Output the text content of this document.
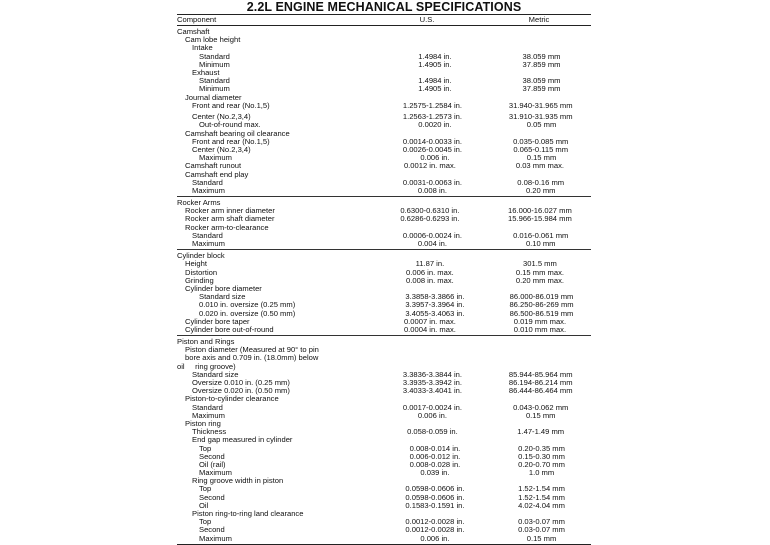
2.2L ENGINE MECHANICAL SPECIFICATIONS
Component	U.S.	Metric
Camshaft
Cam lobe height
Intake
Standard	1.4984 in.	38.059 mm
Minimum	1.4905 in.	37.859 mm
Exhaust
Standard	1.4984 in.	38.059 mm
Minimum	1.4905 in.	37.859 mm
Journal diameter
Front and rear (No.1,5)	1.2575-1.2584 in.	31.940-31.965 mm
Center (No.2,3,4)	1.2563-1.2573 in.	31.910-31.935 mm
Out-of-round max.	0.0020 in.	0.05 mm
Camshaft bearing oil clearance
Front and rear (No.1,5)	0.0014-0.0033 in.	0.035-0.085 mm
Center (No.2,3,4)	0.0026-0.0045 in.	0.065-0.115 mm
Maximum	0.006 in.	0.15 mm
Camshaft runout	0.0012 in. max.	0.03 mm max.
Camshaft end play
Standard	0.0031-0.0063 in.	0.08-0.16 mm
Maximum	0.008 in.	0.20 mm
Rocker Arms
Rocker arm inner diameter	0.6300-0.6310 in.	16.000-16.027 mm
Rocker arm shaft diameter	0.6286-0.6293 in.	15.966-15.984 mm
Rocker arm-to-clearance
Standard	0.0006-0.0024 in.	0.016-0.061 mm
Maximum	0.004 in.	0.10 mm
Cylinder block
Height	11.87 in.	301.5 mm
Distortion	0.006 in. max.	0.15 mm max.
Grinding	0.008 in. max.	0.20 mm max.
Cylinder bore diameter
Standard size	3.3858-3.3866 in.	86.000-86.019 mm
0.010 in. oversize (0.25 mm)	3.3957-3.3964 in.	86.250-86-269 mm
0.020 in. oversize (0.50 mm)	3.4055-3.4063 in.	86.500-86.519 mm
Cylinder bore taper	0.0007 in. max.	0.019 mm max.
Cylinder bore out-of-round	0.0004 in. max.	0.010 mm max.
Piston and Rings
Piston diameter (Measured at 90° to pin
bore axis and 0.709 in. (18.0mm) below
oil     ring groove)
Standard size	3.3836-3.3844 in.	85.944-85.964 mm
Oversize 0.010 in. (0.25 mm)	3.3935-3.3942 in.	86.194-86.214 mm
Oversize 0.020 in. (0.50 mm)	3.4033-3.4041 in.	86.444-86.464 mm
Piston-to-cylinder clearance
Standard	0.0017-0.0024 in.	0.043-0.062 mm
Maximum	0.006 in.	0.15 mm
Piston ring
Thickness	0.058-0.059 in.	1.47-1.49 mm
End gap measured in cylinder
Top	0.008-0.014 in.	0.20-0.35 mm
Second	0.006-0.012 in.	0.15-0.30 mm
Oil (rail)	0.008-0.028 in.	0.20-0.70 mm
Maximum	0.039 in.	1.0 mm
Ring groove width in piston
Top	0.0598-0.0606 in.	1.52-1.54 mm
Second	0.0598-0.0606 in.	1.52-1.54 mm
Oil	0.1583-0.1591 in.	4.02-4.04 mm
Piston ring-to-ring land clearance
Top	0.0012-0.0028 in.	0.03-0.07 mm
Second	0.0012-0.0028 in.	0.03-0.07 mm
Maximum	0.006 in.	0.15 mm
